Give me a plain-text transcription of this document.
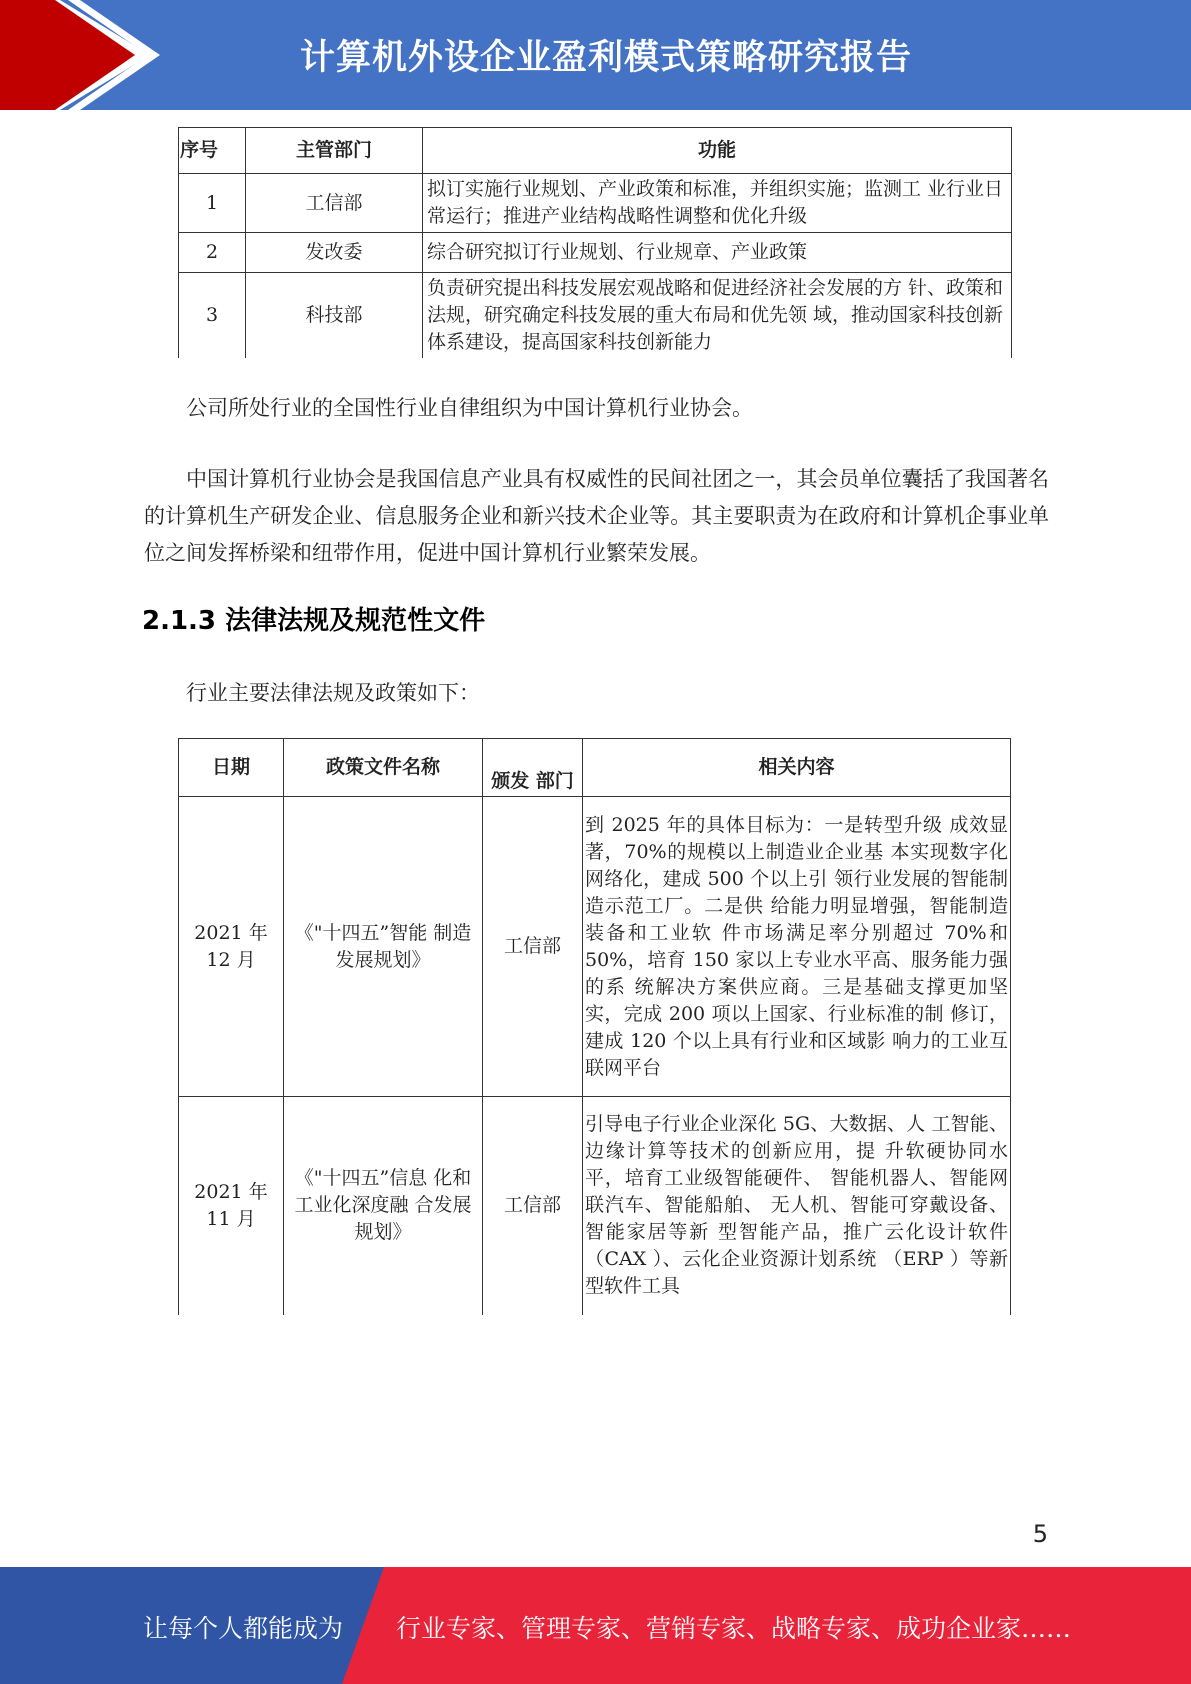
计算机外设企业盈利模式策略研究报告
序号	主管部门	功能
1	工信部	拟订实施行业规划、产业政策和标准，并组织实施；监测工 业行业日常运行；推进产业结构战略性调整和优化升级
2	发改委	综合研究拟订行业规划、行业规章、产业政策
3	科技部	负责研究提出科技发展宏观战略和促进经济社会发展的方 针、政策和法规，研究确定科技发展的重大布局和优先领 域，推动国家科技创新体系建设，提高国家科技创新能力
公司所处行业的全国性行业自律组织为中国计算机行业协会。
中国计算机行业协会是我国信息产业具有权威性的民间社团之一，其会员单位囊括了我国著名的计算机生产研发企业、信息服务企业和新兴技术企业等。其主要职责为在政府和计算机企事业单位之间发挥桥梁和纽带作用，促进中国计算机行业繁荣发展。
2.1.3 法律法规及规范性文件
行业主要法律法规及政策如下：
日期	政策文件名称	颁发 部门	相关内容
2021 年 12 月	《"十四五”智能 制造发展规划》	工信部	到 2025 年的具体目标为：一是转型升级 成效显著，70%的规模以上制造业企业基 本实现数字化网络化，建成 500 个以上引 领行业发展的智能制造示范工厂。二是供 给能力明显增强，智能制造装备和工业软 件市场满足率分别超过 70%和 50%，培育 150 家以上专业水平高、服务能力强的系 统解决方案供应商。三是基础支撑更加坚实，完成 200 项以上国家、行业标准的制 修订，建成 120 个以上具有行业和区域影 响力的工业互联网平台
2021 年 11 月	《"十四五”信息 化和工业化深度融 合发展规划》	工信部	引导电子行业企业深化 5G、大数据、人 工智能、边缘计算等技术的创新应用，提 升软硬协同水平，培育工业级智能硬件、 智能机器人、智能网联汽车、智能船舶、 无人机、智能可穿戴设备、智能家居等新 型智能产品，推广云化设计软件 （CAX ）、云化企业资源计划系统 （ERP ）等新型软件工具
5
让每个人都能成为 行业专家、管理专家、营销专家、战略专家、成功企业家……
